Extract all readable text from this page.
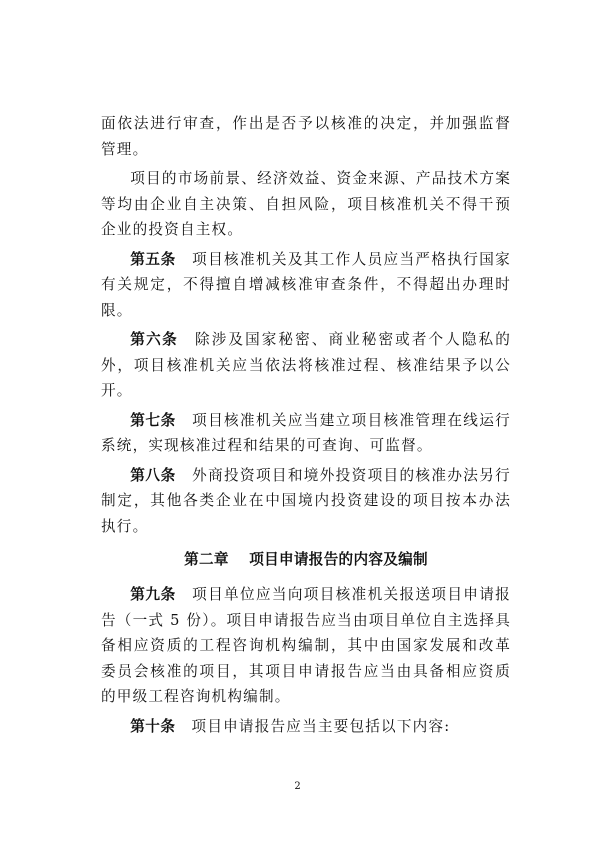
面依法进行审查，作出是否予以核准的决定，并加强监督管理。

项目的市场前景、经济效益、资金来源、产品技术方案等均由企业自主决策、自担风险，项目核准机关不得干预企业的投资自主权。

第五条 项目核准机关及其工作人员应当严格执行国家有关规定，不得擅自增减核准审查条件，不得超出办理时限。

第六条 除涉及国家秘密、商业秘密或者个人隐私的外，项目核准机关应当依法将核准过程、核准结果予以公开。

第七条 项目核准机关应当建立项目核准管理在线运行系统，实现核准过程和结果的可查询、可监督。

第八条 外商投资项目和境外投资项目的核准办法另行制定，其他各类企业在中国境内投资建设的项目按本办法执行。

第二章 项目申请报告的内容及编制

第九条 项目单位应当向项目核准机关报送项目申请报告（一式 5 份）。项目申请报告应当由项目单位自主选择具备相应资质的工程咨询机构编制，其中由国家发展和改革委员会核准的项目，其项目申请报告应当由具备相应资质的甲级工程咨询机构编制。

第十条 项目申请报告应当主要包括以下内容:

2
